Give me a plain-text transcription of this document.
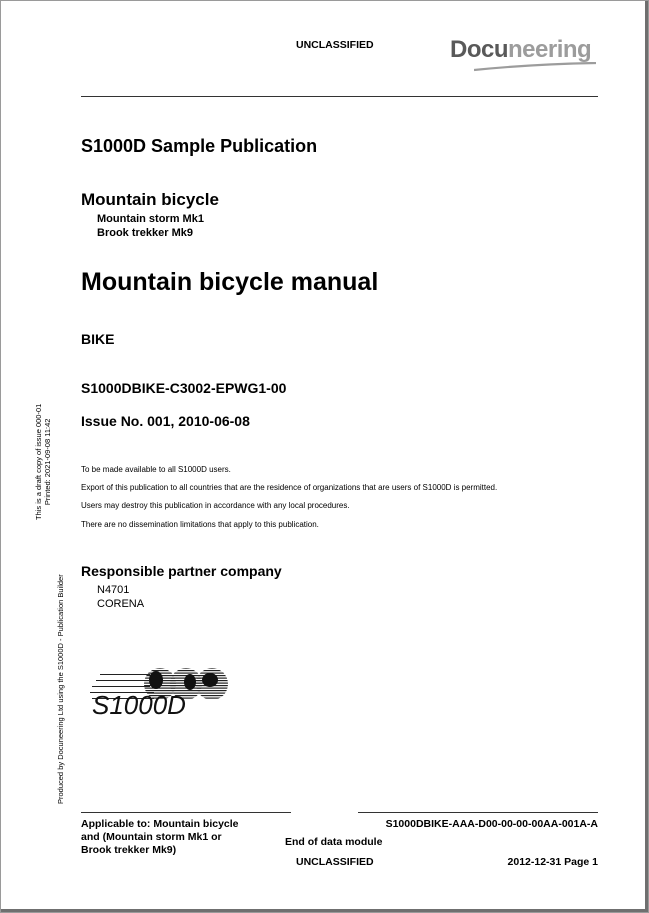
UNCLASSIFIED	Docuneering
S1000D Sample Publication
Mountain bicycle
Mountain storm Mk1
Brook trekker Mk9
Mountain bicycle manual
BIKE
S1000DBIKE-C3002-EPWG1-00
Issue No. 001, 2010-06-08
To be made available to all S1000D users.
Export of this publication to all countries that are the residence of organizations that are users of S1000D is permitted.
Users may destroy this publication in accordance with any local procedures.
There are no dissemination limitations that apply to this publication.
Responsible partner company
N4701
CORENA
S1000D
This is a draft copy of issue 000-01 Printed: 2021-09-08 11:42
Produced by Docuneering Ltd using the S1000D - Publication Builder
Applicable to: Mountain bicycle and (Mountain storm Mk1 or Brook trekker Mk9)
S1000DBIKE-AAA-D00-00-00-00AA-001A-A
End of data module
UNCLASSIFIED	2012-12-31 Page 1
